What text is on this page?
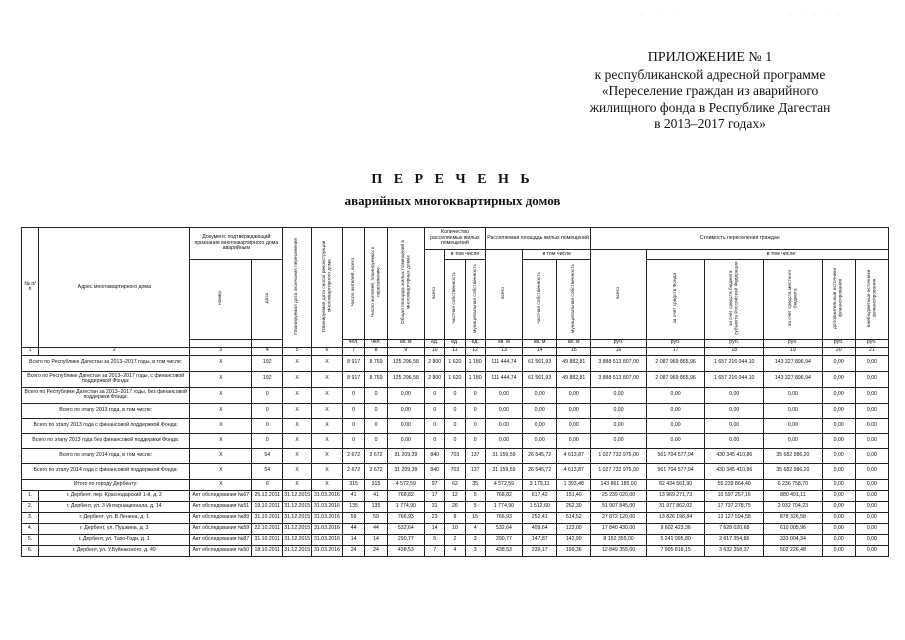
.  .  .	. . . . .
ПРИЛОЖЕНИЕ № 1
к республиканской адресной программе
«Переселение граждан из аварийного
жилищного фонда в Республике Дагестан
в 2013–2017 годах»
П Е Р Е Ч Е Н Ь
аварийных многоквартирных домов
№ п/п	Адрес многоквартирного дома	Документ, подтверждающий признание многоквартирного дома аварийным		Планируемая дата окончания переселения	Планируемая дата сноса/ реконструкции многоквартирного дома	Число жителей, всего	Число жителей, планируемых к переселению	Общая площадь жилых помещений в многоквартирных домах	Количество расселяемых жилых помещений			Расселяемая площадь жилых помещений			Стоимость переселения граждан					
									всего	в том числе		всего	в том числе		всего	в том числе:				
		номер	дата							частная собственность	муниципальная собственность		частная собственность	муниципальная собственность		за счет средств Фонда	за счет средств бюджета субъекта Российской Федерации	за счет средств местного бюджета	дополнительные источники финансирования	внебюджетные источники финансирования
						чел.	чел.	кв. м	ед.	ед.	ед.	кв. м	кв. м	кв. м	руб.	руб.	руб.	руб.	руб.	руб.
1	2	3	4	5	6	7	8	9	10	11	12	13	14	15	16	17	18	19	20	21
Всего по Республике Дагестан за 2013–2017 годы, в том числе:		X	192	X	X	8 917	8 769	125 296,58	2 800	1 620	1 180	111 444,74	61 561,93	49 882,81	3 888 513 807,00	2 087 969 865,96	1 657 216 044,10	143 327 896,94	0,00	0,00
Всего по Республике Дагестан за 2013–2017 годы, с финансовой поддержкой Фонда:		X	192	X	X	8 917	8 769	125 296,58	2 800	1 620	1 180	111 444,74	61 561,93	49 882,81	3 888 513 807,00	2 087 969 865,96	1 657 216 044,10	143 327 896,94	0,00	0,00
Всего по Республике Дагестан за 2013–2017 годы, без финансовой поддержки Фонда:		X	0	X	X	0	0	0,00	0	0	0	0,00	0,00	0,00	0,00	0,00	0,00	0,00	0,00	0,00
Всего по этапу 2013 года, в том числе:		X	0	X	X	0	0	0,00	0	0	0	0,00	0,00	0,00	0,00	0,00	0,00	0,00	0,00	0,00
Всего по этапу 2013 года с финансовой поддержкой Фонда:		X	0	X	X	0	0	0,00	0	0	0	0,00	0,00	0,00	0,00	0,00	0,00	0,00	0,00	0,00
Всего по этапу 2013 года без финансовой поддержки Фонда:		X	0	X	X	0	0	0,00	0	0	0	0,00	0,00	0,00	0,00	0,00	0,00	0,00	0,00	0,00
Всего по этапу 2014 года, в том числе:		X	54	X	X	2 672	2 672	31 209,39	840	703	137	31 159,59	26 545,72	4 613,87	1 027 732 975,00	561 704 577,94	430 345 410,86	35 682 986,20	0,00	0,00
Всего по этапу 2014 года с финансовой поддержкой Фонда:		X	54	X	X	2 672	2 672	31 209,39	840	703	137	31 159,59	26 545,72	4 613,87	1 027 732 975,00	561 704 577,94	430 345 410,86	35 682 986,20	0,00	0,00
Итого по городу Дербенту:		X	6	X	X	315	315	4 572,59	97	62	35	4 572,59	3 179,11	1 393,48	143 861 185,00	82 434 561,90	55 239 864,40	6 236 758,70	0,00	0,00
1.	г. Дербент, пер. Краснодарский 1-й, д. 2	Акт обследования №67	25.12.2011	31.12.2015	31.03.2016	41	41	768,82	17	12	5	768,82	617,42	151,40	25 239 020,00	13 969 271,73	10 597 257,16	880 491,11	0,00	0,00
2.	г. Дербент, ул. 3 Интернационала, д. 14	Акт обследования №51	19.10.2011	31.12.2015	31.03.2016	135	135	1 774,90	31	26	5	1 774,90	1 512,60	262,30	51 907 845,00	31 977 862,02	17 737 278,75	2 032 704,23	0,00	0,00
3.	г. Дербент, ул. В.Ленина, д. 1	Акт обследования №89	31.10.2011	31.12.2015	31.03.2016	59	59	766,93	23	8	15	766,93	252,41	514,52	27 872 120,00	13 826 198,84	13 127 594,58	878 326,58	0,00	0,00
4.	г. Дербент, ул. Пушкина, д. 3	Акт обследования №59	22.10.2011	31.12.2015	31.03.2016	44	44	532,64	14	10	4	532,64	409,64	123,00	17 840 430,00	9 602 423,36	7 628 020,68	610 005,96	0,00	0,00
5.	г. Дербент, ул. Тахо-Годи, д. 1	Акт обследования №87	31.10.2011	31.12.2015	31.03.2016	14	14	290,77	5	2	3	290,77	147,87	142,90	8 152 355,00	5 241 995,80	2 617 354,86	333 004,34	0,00	0,00
6.	г. Дербент, ул. У.Буйнакского, д. 49	Акт обследования №50	18.10.2011	31.12.2015	31.03.2016	24	24	438,53	7	4	3	438,53	239,17	199,36	12 849 355,00	7 905 818,15	3 632 358,37	502 226,48	0,00	0,00
